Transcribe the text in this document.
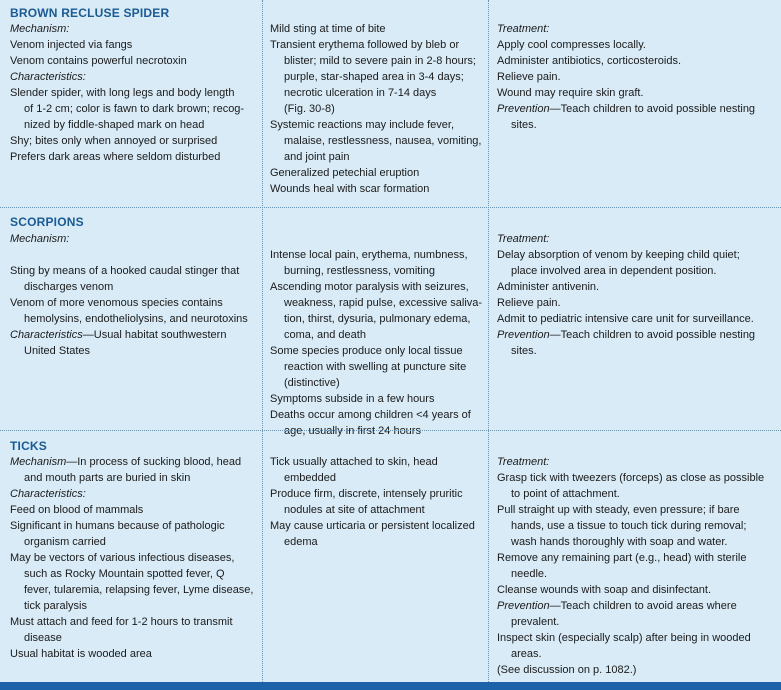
BROWN RECLUSE SPIDER
Mechanism:
Venom injected via fangs
Venom contains powerful necrotoxin
Characteristics:
Slender spider, with long legs and body length
of 1-2 cm; color is fawn to dark brown; recog-
nized by fiddle-shaped mark on head
Shy; bites only when annoyed or surprised
Prefers dark areas where seldom disturbed
Mild sting at time of bite
Transient erythema followed by bleb or
blister; mild to severe pain in 2-8 hours;
purple, star-shaped area in 3-4 days;
necrotic ulceration in 7-14 days
(Fig. 30-8)
Systemic reactions may include fever,
malaise, restlessness, nausea, vomiting,
and joint pain
Generalized petechial eruption
Wounds heal with scar formation
Treatment:
Apply cool compresses locally.
Administer antibiotics, corticosteroids.
Relieve pain.
Wound may require skin graft.
Prevention—Teach children to avoid possible nesting
sites.
SCORPIONS
Mechanism:

Sting by means of a hooked caudal stinger that
discharges venom
Venom of more venomous species contains
hemolysins, endotheliolysins, and neurotoxins
Characteristics—Usual habitat southwestern
United States

Intense local pain, erythema, numbness,
burning, restlessness, vomiting
Ascending motor paralysis with seizures,
weakness, rapid pulse, excessive saliva-
tion, thirst, dysuria, pulmonary edema,
coma, and death
Some species produce only local tissue
reaction with swelling at puncture site
(distinctive)
Symptoms subside in a few hours
Deaths occur among children <4 years of
age, usually in first 24 hours
Treatment:
Delay absorption of venom by keeping child quiet;
place involved area in dependent position.
Administer antivenin.
Relieve pain.
Admit to pediatric intensive care unit for surveillance.
Prevention—Teach children to avoid possible nesting
sites.
TICKS
Mechanism—In process of sucking blood, head
and mouth parts are buried in skin
Characteristics:
Feed on blood of mammals
Significant in humans because of pathologic
organism carried
May be vectors of various infectious diseases,
such as Rocky Mountain spotted fever, Q
fever, tularemia, relapsing fever, Lyme disease,
tick paralysis
Must attach and feed for 1-2 hours to transmit
disease
Usual habitat is wooded area
Tick usually attached to skin, head
embedded
Produce firm, discrete, intensely pruritic
nodules at site of attachment
May cause urticaria or persistent localized
edema
Treatment:
Grasp tick with tweezers (forceps) as close as possible
to point of attachment.
Pull straight up with steady, even pressure; if bare
hands, use a tissue to touch tick during removal;
wash hands thoroughly with soap and water.
Remove any remaining part (e.g., head) with sterile
needle.
Cleanse wounds with soap and disinfectant.
Prevention—Teach children to avoid areas where
prevalent.
Inspect skin (especially scalp) after being in wooded
areas.
(See discussion on p. 1082.)
